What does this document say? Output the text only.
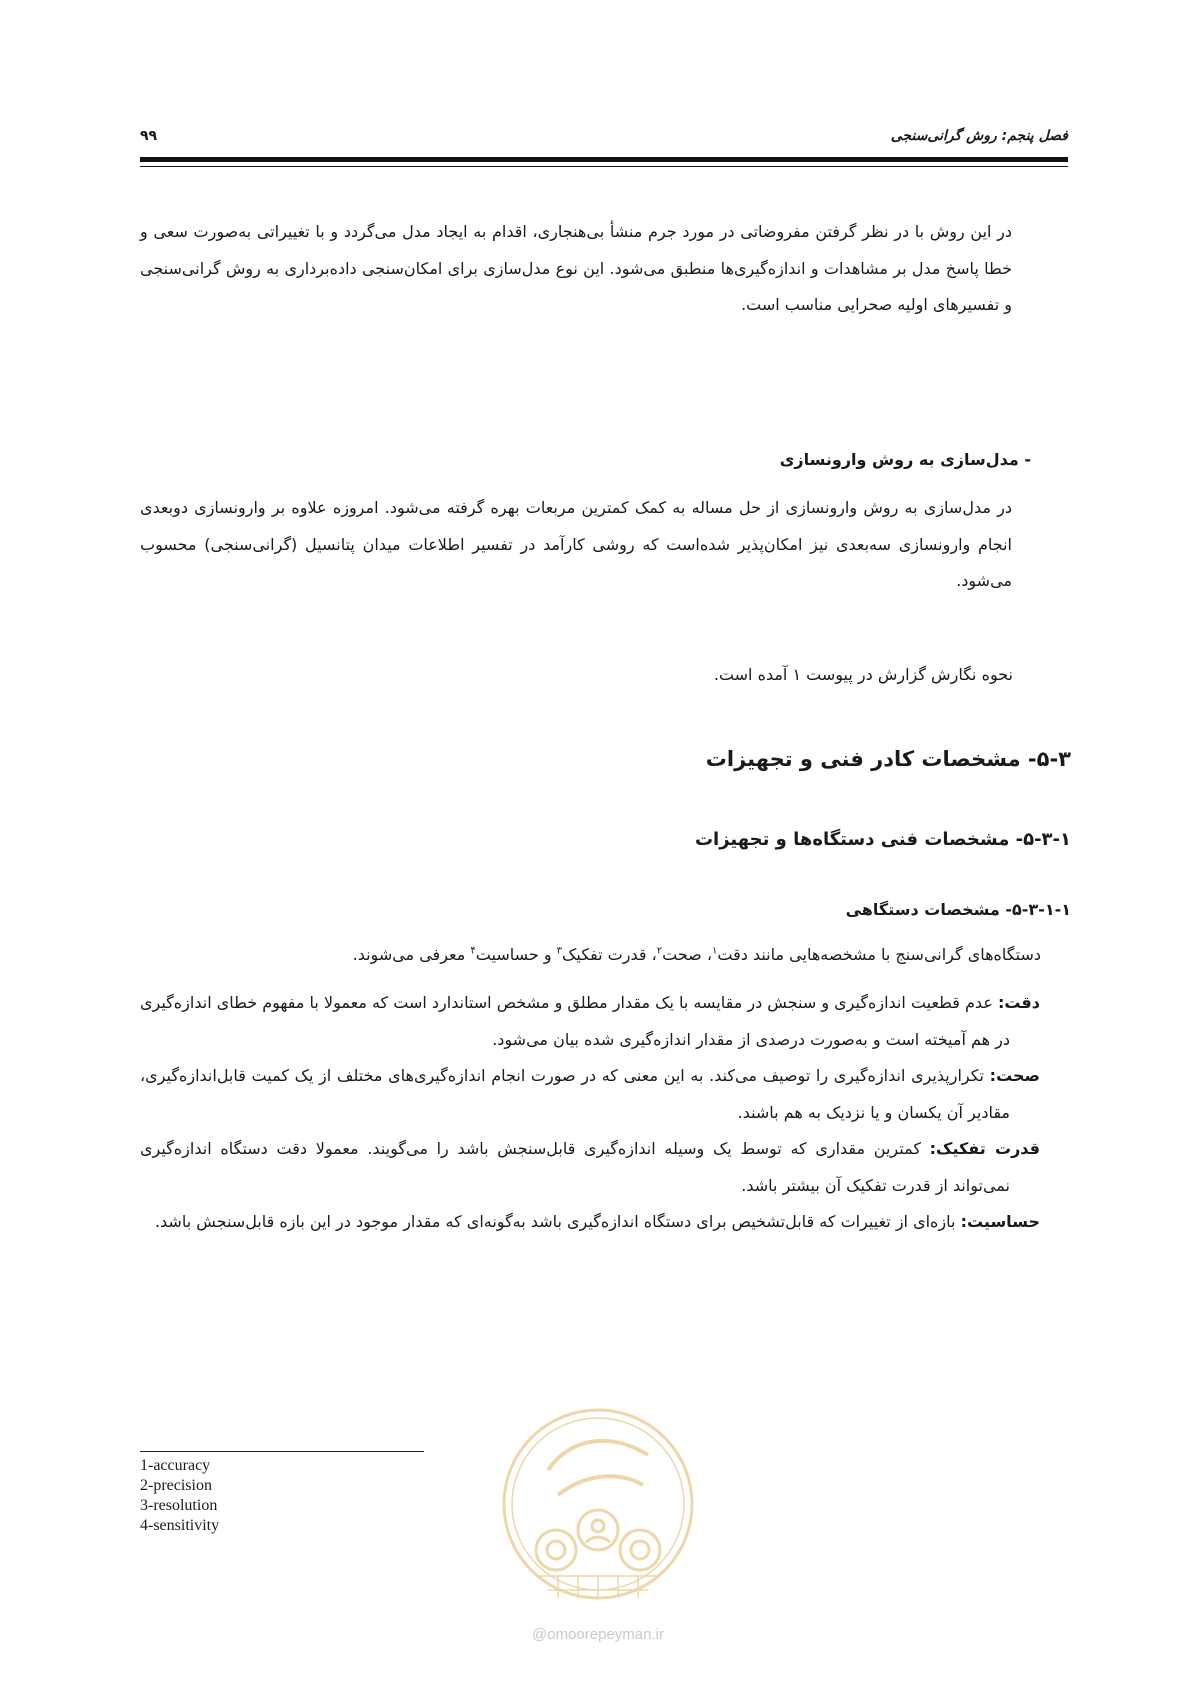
فصل پنجم: روش گرانی‌سنجی
۹۹

در این روش با در نظر گرفتن مفروضاتی در مورد جرم منشأ بی‌هنجاری، اقدام به ایجاد مدل می‌گردد و با تغییراتی به‌صورت سعی و خطا پاسخ مدل بر مشاهدات و اندازه‌گیری‌ها منطبق می‌شود. این نوع مدل‌سازی برای امکان‌سنجی داده‌برداری به روش گرانی‌سنجی و تفسیرهای اولیه صحرایی مناسب است.

- مدل‌سازی به روش وارونسازی

در مدل‌سازی به روش وارونسازی از حل مساله به کمک کمترین مربعات بهره گرفته می‌شود. امروزه علاوه بر وارونسازی دوبعدی انجام وارونسازی سه‌بعدی نیز امکان‌پذیر شده‌است که روشی کارآمد در تفسیر اطلاعات میدان پتانسیل (گرانی‌سنجی) محسوب می‌شود.

نحوه نگارش گزارش در پیوست ۱ آمده است.
۵-۳- مشخصات کادر فنی و تجهیزات
۵-۳-۱- مشخصات فنی دستگاه‌ها و تجهیزات
۵-۳-۱-۱- مشخصات دستگاهی
دستگاه‌های گرانی‌سنج با مشخصه‌هایی مانند دقت$^۱$، صحت$^۲$، قدرت تفکیک$^۳$ و حساسیت$^۴$ معرفی می‌شوند.

دقت: عدم قطعیت اندازه‌گیری و سنجش در مقایسه با یک مقدار مطلق و مشخص استاندارد است که معمولا با مفهوم خطای اندازه‌گیری در هم آمیخته است و به‌صورت درصدی از مقدار اندازه‌گیری شده بیان می‌شود.

صحت: تکرارپذیری اندازه‌گیری را توصیف می‌کند. به این معنی که در صورت انجام اندازه‌گیری‌های مختلف از یک کمیت قابل‌اندازه‌گیری، مقادیر آن یکسان و یا نزدیک به هم باشند.

قدرت تفکیک: کمترین مقداری که توسط یک وسیله اندازه‌گیری قابل‌سنجش باشد را می‌گویند. معمولا دقت دستگاه اندازه‌گیری نمی‌تواند از قدرت تفکیک آن بیشتر باشد.

حساسیت: بازه‌ای از تغییرات که قابل‌تشخیص برای دستگاه اندازه‌گیری باشد به‌گونه‌ای که مقدار موجود در این بازه قابل‌سنجش باشد.

1-accuracy
2-precision
3-resolution
4-sensitivity
@omoorepeyman.ir
